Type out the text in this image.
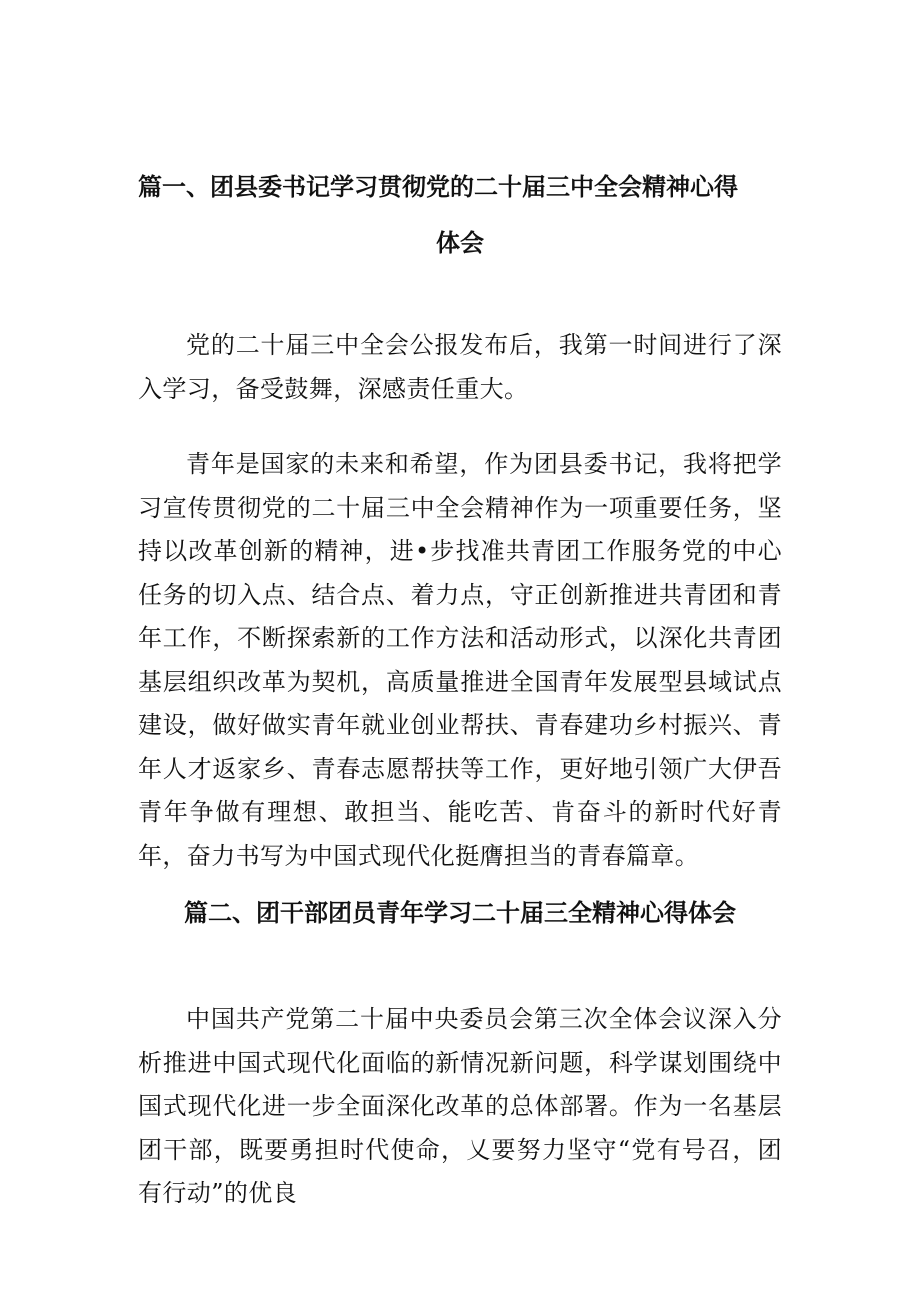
篇一、团县委书记学习贯彻党的二十届三中全会精神心得
体会

党的二十届三中全会公报发布后，我第一时间进行了深入学习，备受鼓舞，深感责任重大。

青年是国家的未来和希望，作为团县委书记，我将把学习宣传贯彻党的二十届三中全会精神作为一项重要任务，坚持以改革创新的精神，进•步找准共青团工作服务党的中心任务的切入点、结合点、着力点，守正创新推进共青团和青年工作，不断探索新的工作方法和活动形式，以深化共青团基层组织改革为契机，高质量推进全国青年发展型县域试点建设，做好做实青年就业创业帮扶、青春建功乡村振兴、青年人才返家乡、青春志愿帮扶等工作，更好地引领广大伊吾青年争做有理想、敢担当、能吃苦、肯奋斗的新时代好青年，奋力书写为中国式现代化挺膺担当的青春篇章。

篇二、团干部团员青年学习二十届三全精神心得体会

中国共产党第二十届中央委员会第三次全体会议深入分析推进中国式现代化面临的新情况新问题，科学谋划围绕中国式现代化进一步全面深化改革的总体部署。作为一名基层团干部，既要勇担时代使命，乂要努力坚守“党有号召，团有行动”的优良
